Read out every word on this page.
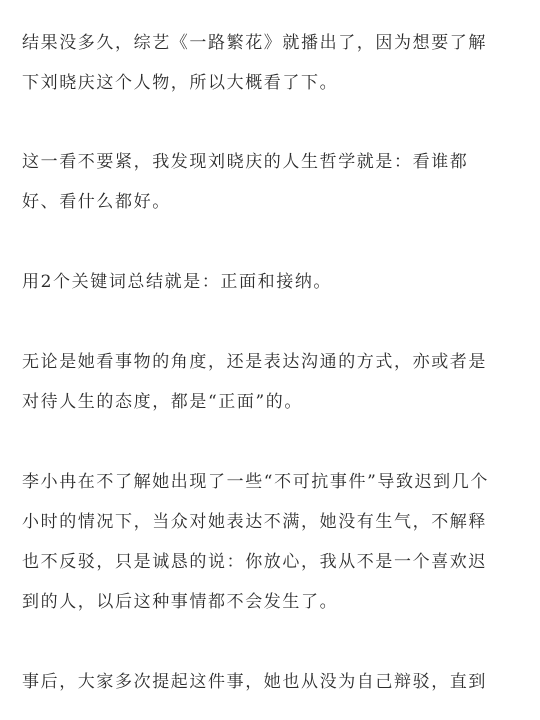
结果没多久，综艺《一路繁花》就播出了，因为想要了解
下刘晓庆这个人物，所以大概看了下。

这一看不要紧，我发现刘晓庆的人生哲学就是：看谁都
好、看什么都好。

用2个关键词总结就是：正面和接纳。

无论是她看事物的角度，还是表达沟通的方式，亦或者是
对待人生的态度，都是“正面”的。

李小冉在不了解她出现了一些“不可抗事件”导致迟到几个
小时的情况下，当众对她表达不满，她没有生气，不解释
也不反驳，只是诚恳的说：你放心，我从不是一个喜欢迟
到的人，以后这种事情都不会发生了。

事后，大家多次提起这件事，她也从没为自己辩驳，直到
